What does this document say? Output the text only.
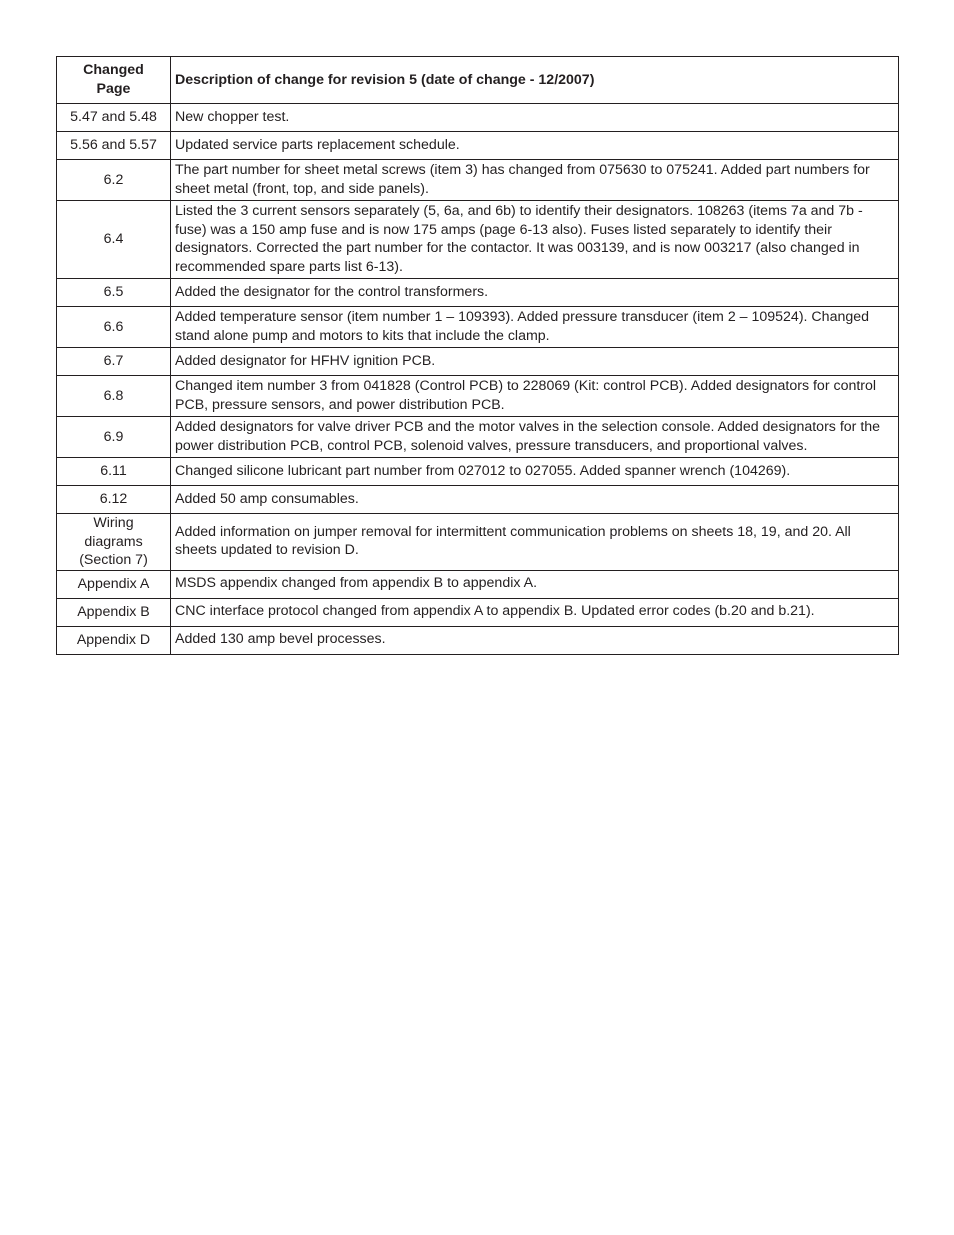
Changed
Page	Description of change for revision 5 (date of change - 12/2007)
5.47 and 5.48	New chopper test.
5.56 and 5.57	Updated service parts replacement schedule.
6.2	The part number for sheet metal screws (item 3) has changed from 075630 to 075241. Added part numbers for sheet metal (front, top, and side panels).
6.4	Listed the 3 current sensors separately (5, 6a, and 6b) to identify their designators. 108263 (items 7a and 7b - fuse) was a 150 amp fuse and is now 175 amps (page 6-13 also). Fuses listed separately to identify their designators. Corrected the part number for the contactor. It was 003139, and is now 003217 (also changed in recommended spare parts list 6-13).
6.5	Added the designator for the control transformers.
6.6	Added temperature sensor (item number 1 – 109393). Added pressure transducer (item 2 – 109524). Changed stand alone pump and motors to kits that include the clamp.
6.7	Added designator for HFHV ignition PCB.
6.8	Changed item number 3 from 041828 (Control PCB) to 228069 (Kit: control PCB). Added designators for control PCB, pressure sensors, and power distribution PCB.
6.9	Added designators for valve driver PCB and the motor valves in the selection console. Added designators for the power distribution PCB, control PCB, solenoid valves, pressure transducers, and proportional valves.
6.11	Changed silicone lubricant part number from 027012 to 027055. Added spanner wrench (104269).
6.12	Added 50 amp consumables.
Wiring
diagrams
(Section 7)	Added information on jumper removal for intermittent communication problems on sheets 18, 19, and 20. All sheets updated to revision D.
Appendix A	MSDS appendix changed from appendix B to appendix A.
Appendix B	CNC interface protocol changed from appendix A to appendix B. Updated error codes (b.20 and b.21).
Appendix D	Added 130 amp bevel processes.
